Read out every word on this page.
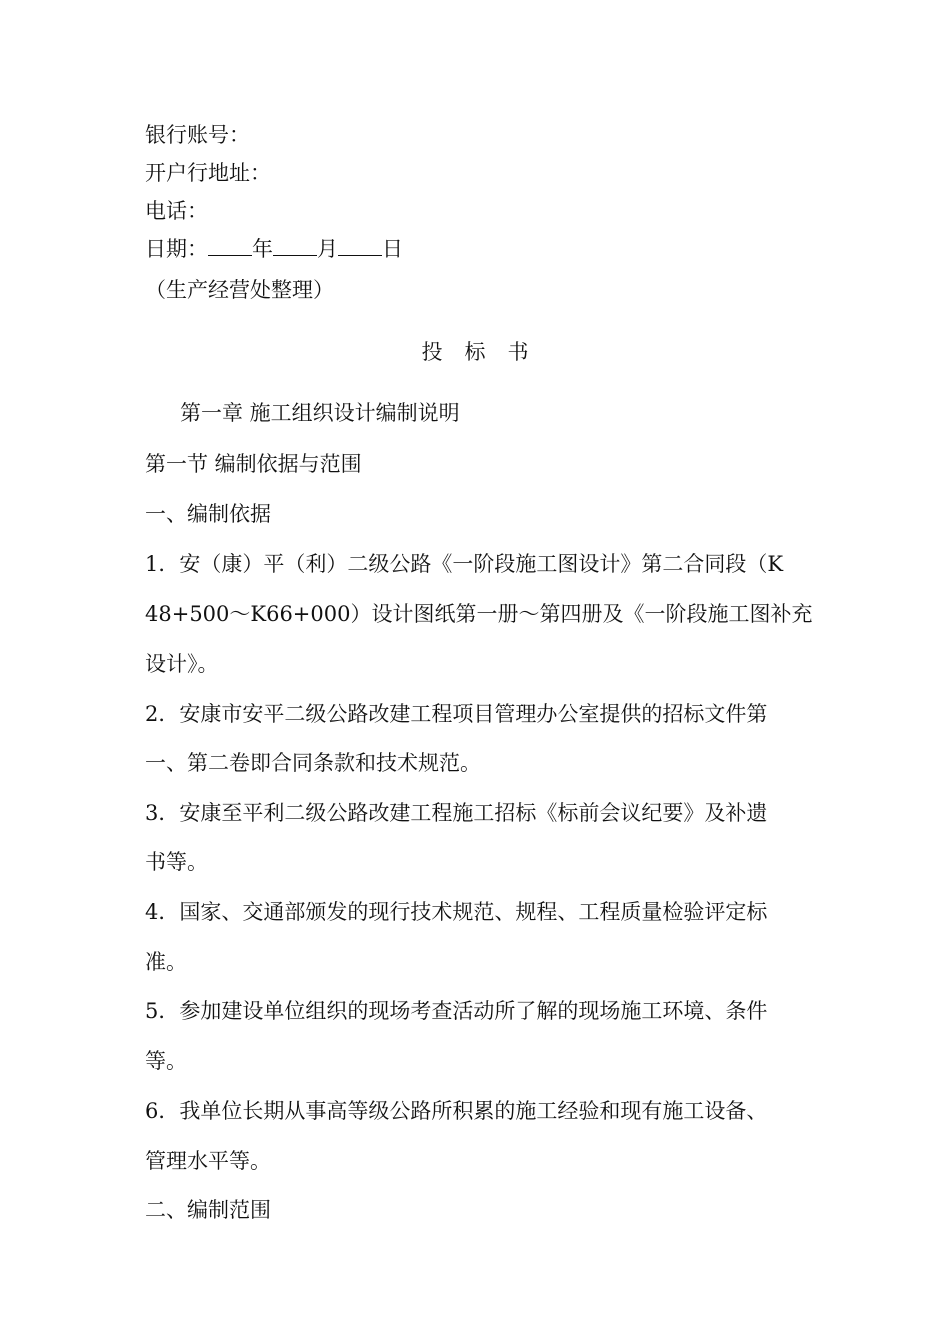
银行账号：
开户行地址：
电话：
日期： 年 月 日
（生产经营处整理）
投标书
第一章 施工组织设计编制说明
第一节 编制依据与范围
一、编制依据
1．安（康）平（利）二级公路《一阶段施工图设计》第二合同段（K
48+500～K66+000）设计图纸第一册～第四册及《一阶段施工图补充
设计》。
2．安康市安平二级公路改建工程项目管理办公室提供的招标文件第
一、第二卷即合同条款和技术规范。
3．安康至平利二级公路改建工程施工招标《标前会议纪要》及补遗
书等。
4．国家、交通部颁发的现行技术规范、规程、工程质量检验评定标
准。
5．参加建设单位组织的现场考查活动所了解的现场施工环境、条件
等。
6．我单位长期从事高等级公路所积累的施工经验和现有施工设备、
管理水平等。
二、编制范围
